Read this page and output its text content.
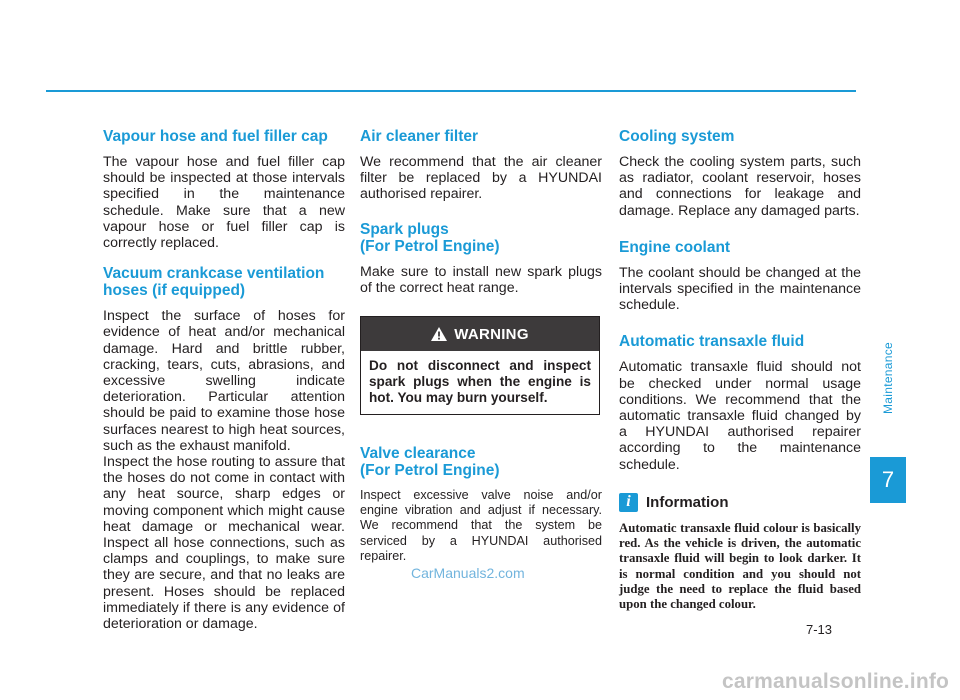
Vapour hose and fuel filler cap

The vapour hose and fuel filler cap should be inspected at those intervals specified in the maintenance schedule. Make sure that a new vapour hose or fuel filler cap is correctly replaced.

Vacuum crankcase ventilation
hoses (if equipped)

Inspect the surface of hoses for evidence of heat and/or mechanical damage. Hard and brittle rubber, cracking, tears, cuts, abrasions, and excessive swelling indicate deterioration. Particular attention should be paid to examine those hose surfaces nearest to high heat sources, such as the exhaust manifold.

Inspect the hose routing to assure that the hoses do not come in contact with any heat source, sharp edges or moving component which might cause heat damage or mechanical wear. Inspect all hose connections, such as clamps and couplings, to make sure they are secure, and that no leaks are present. Hoses should be replaced immediately if there is any evidence of deterioration or damage.

Air cleaner filter

We recommend that the air cleaner filter be replaced by a HYUNDAI authorised repairer.

Spark plugs
(For Petrol Engine)

Make sure to install new spark plugs of the correct heat range.

WARNING
Do not disconnect and inspect spark plugs when the engine is hot. You may burn yourself.
Valve clearance
(For Petrol Engine)

Inspect excessive valve noise and/or engine vibration and adjust if necessary. We recommend that the system be serviced by a HYUNDAI authorised repairer.

Cooling system

Check the cooling system parts, such as radiator, coolant reservoir, hoses and connections for leakage and damage. Replace any damaged parts.

Engine coolant

The coolant should be changed at the intervals specified in the maintenance schedule.

Automatic transaxle fluid

Automatic transaxle fluid should not be checked under normal usage conditions. We recommend that the automatic transaxle fluid changed by a HYUNDAI authorised repairer according to the maintenance schedule.

i	Information
Automatic transaxle fluid colour is basically red. As the vehicle is driven, the automatic transaxle fluid will begin to look darker. It is normal condition and you should not judge the need to replace the fluid based upon the changed colour.
Maintenance
7
7-13
CarManuals2.com
carmanualsonline.info
